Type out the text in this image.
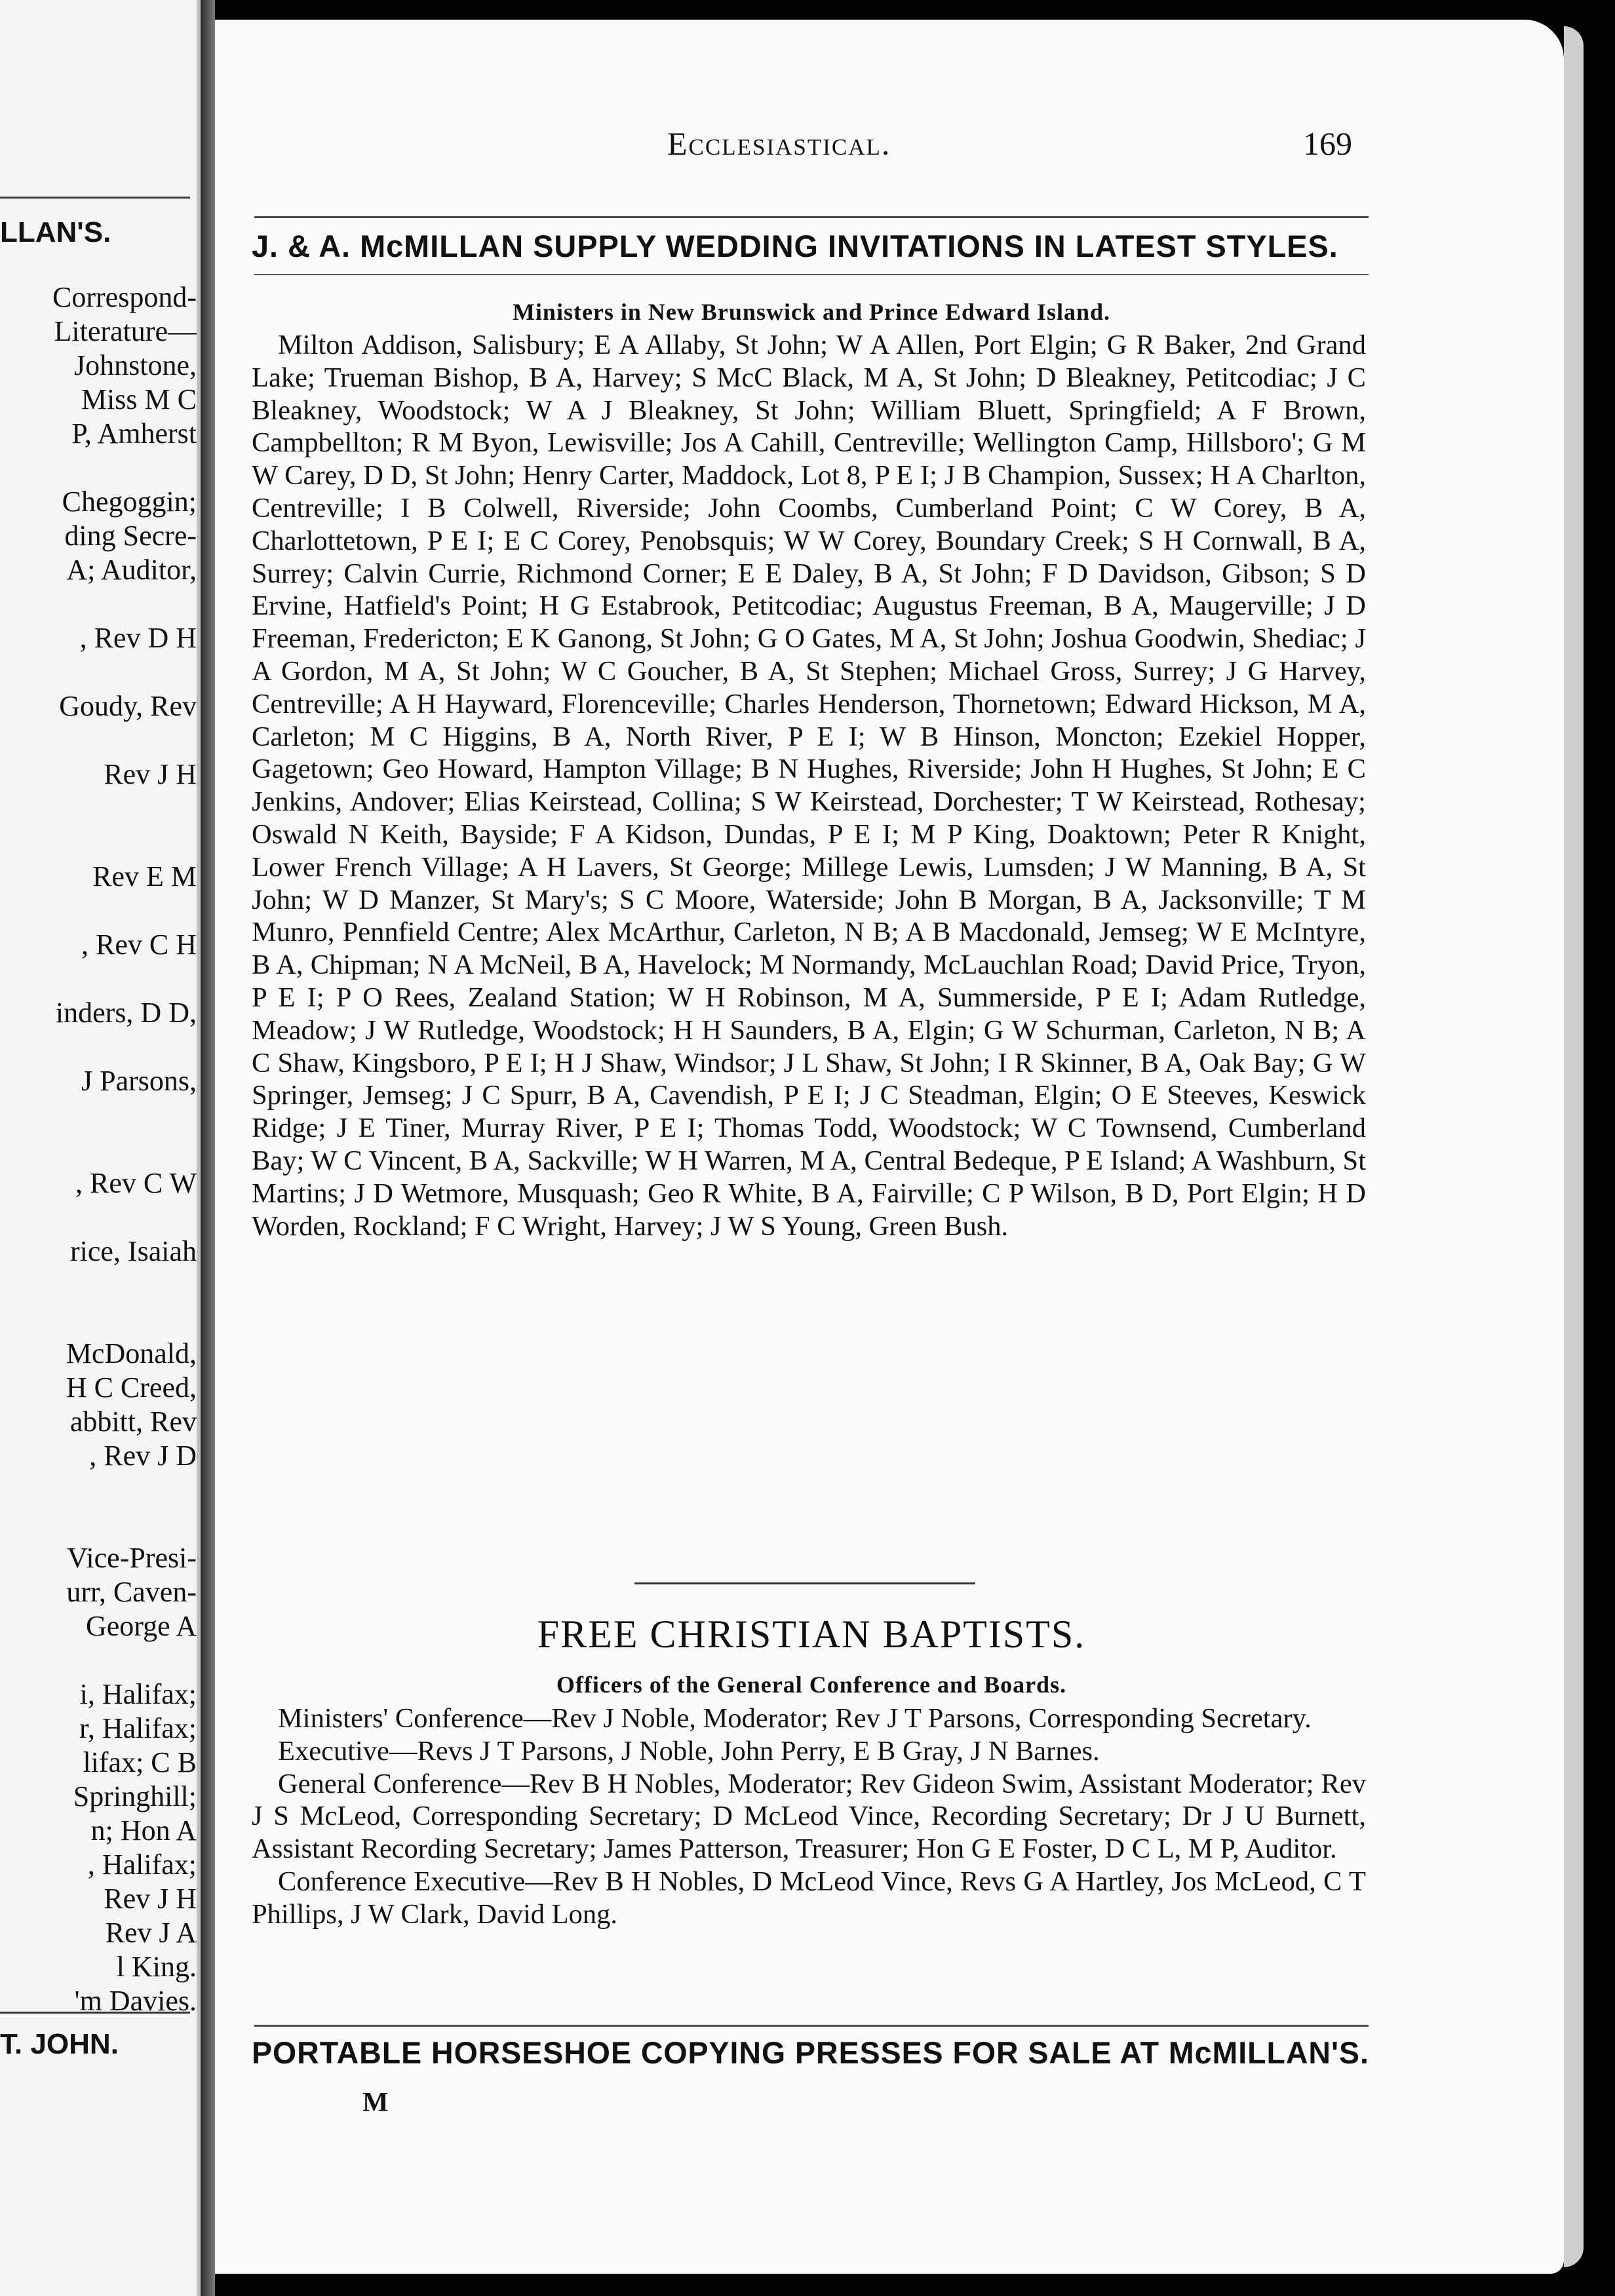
LLAN'S.
Correspond-
Literature—
Johnstone,
Miss M C
P, Amherst
Chegoggin;
ding Secre-
A; Auditor,
, Rev D H
Goudy, Rev
Rev J H
Rev E M
, Rev C H
inders, D D,
J Parsons,
, Rev C W
rice, Isaiah
McDonald,
H C Creed,
abbitt, Rev
, Rev J D
Vice-Presi-
urr, Caven-
George A
i, Halifax;
r, Halifax;
lifax; C B
Springhill;
n; Hon A
, Halifax;
Rev J H
Rev J A
l King.
'm Davies.
T. JOHN.
Ecclesiastical.	169
J. & A. McMILLAN SUPPLY WEDDING INVITATIONS IN LATEST STYLES.
Ministers in New Brunswick and Prince Edward Island.

Milton Addison, Salisbury; E A Allaby, St John; W A Allen, Port Elgin; G R Baker, 2nd Grand Lake; Trueman Bishop, B A, Harvey; S McC Black, M A, St John; D Bleakney, Petitcodiac; J C Bleakney, Woodstock; W A J Bleakney, St John; William Bluett, Springfield; A F Brown, Campbellton; R M Byon, Lewisville; Jos A Cahill, Centreville; Wellington Camp, Hillsboro'; G M W Carey, D D, St John; Henry Carter, Maddock, Lot 8, P E I; J B Champion, Sussex; H A Charlton, Centreville; I B Colwell, Riverside; John Coombs, Cumberland Point; C W Corey, B A, Charlottetown, P E I; E C Corey, Penobsquis; W W Corey, Boundary Creek; S H Cornwall, B A, Surrey; Calvin Currie, Richmond Corner; E E Daley, B A, St John; F D Davidson, Gibson; S D Ervine, Hatfield's Point; H G Estabrook, Petitcodiac; Augustus Freeman, B A, Maugerville; J D Freeman, Fredericton; E K Ganong, St John; G O Gates, M A, St John; Joshua Goodwin, Shediac; J A Gordon, M A, St John; W C Goucher, B A, St Stephen; Michael Gross, Surrey; J G Harvey, Centreville; A H Hayward, Florenceville; Charles Henderson, Thornetown; Edward Hickson, M A, Carleton; M C Higgins, B A, North River, P E I; W B Hinson, Moncton; Ezekiel Hopper, Gagetown; Geo Howard, Hampton Village; B N Hughes, Riverside; John H Hughes, St John; E C Jenkins, Andover; Elias Keirstead, Collina; S W Keirstead, Dorchester; T W Keirstead, Rothesay; Oswald N Keith, Bayside; F A Kidson, Dundas, P E I; M P King, Doaktown; Peter R Knight, Lower French Village; A H Lavers, St George; Millege Lewis, Lumsden; J W Manning, B A, St John; W D Manzer, St Mary's; S C Moore, Waterside; John B Morgan, B A, Jacksonville; T M Munro, Pennfield Centre; Alex McArthur, Carleton, N B; A B Macdonald, Jemseg; W E McIntyre, B A, Chipman; N A McNeil, B A, Havelock; M Normandy, McLauchlan Road; David Price, Tryon, P E I; P O Rees, Zealand Station; W H Robinson, M A, Summerside, P E I; Adam Rutledge, Meadow; J W Rutledge, Woodstock; H H Saunders, B A, Elgin; G W Schurman, Carleton, N B; A C Shaw, Kingsboro, P E I; H J Shaw, Windsor; J L Shaw, St John; I R Skinner, B A, Oak Bay; G W Springer, Jemseg; J C Spurr, B A, Cavendish, P E I; J C Steadman, Elgin; O E Steeves, Keswick Ridge; J E Tiner, Murray River, P E I; Thomas Todd, Woodstock; W C Townsend, Cumberland Bay; W C Vincent, B A, Sackville; W H Warren, M A, Central Bedeque, P E Island; A Washburn, St Martins; J D Wetmore, Musquash; Geo R White, B A, Fairville; C P Wilson, B D, Port Elgin; H D Worden, Rockland; F C Wright, Harvey; J W S Young, Green Bush.

FREE CHRISTIAN BAPTISTS.
Officers of the General Conference and Boards.

Ministers' Conference—Rev J Noble, Moderator; Rev J T Parsons, Corresponding Secretary.

Executive—Revs J T Parsons, J Noble, John Perry, E B Gray, J N Barnes.

General Conference—Rev B H Nobles, Moderator; Rev Gideon Swim, Assistant Moderator; Rev J S McLeod, Corresponding Secretary; D McLeod Vince, Recording Secretary; Dr J U Burnett, Assistant Recording Secretary; James Patterson, Treasurer; Hon G E Foster, D C L, M P, Auditor.

Conference Executive—Rev B H Nobles, D McLeod Vince, Revs G A Hartley, Jos McLeod, C T Phillips, J W Clark, David Long.

PORTABLE HORSESHOE COPYING PRESSES FOR SALE AT McMILLAN'S.
M
